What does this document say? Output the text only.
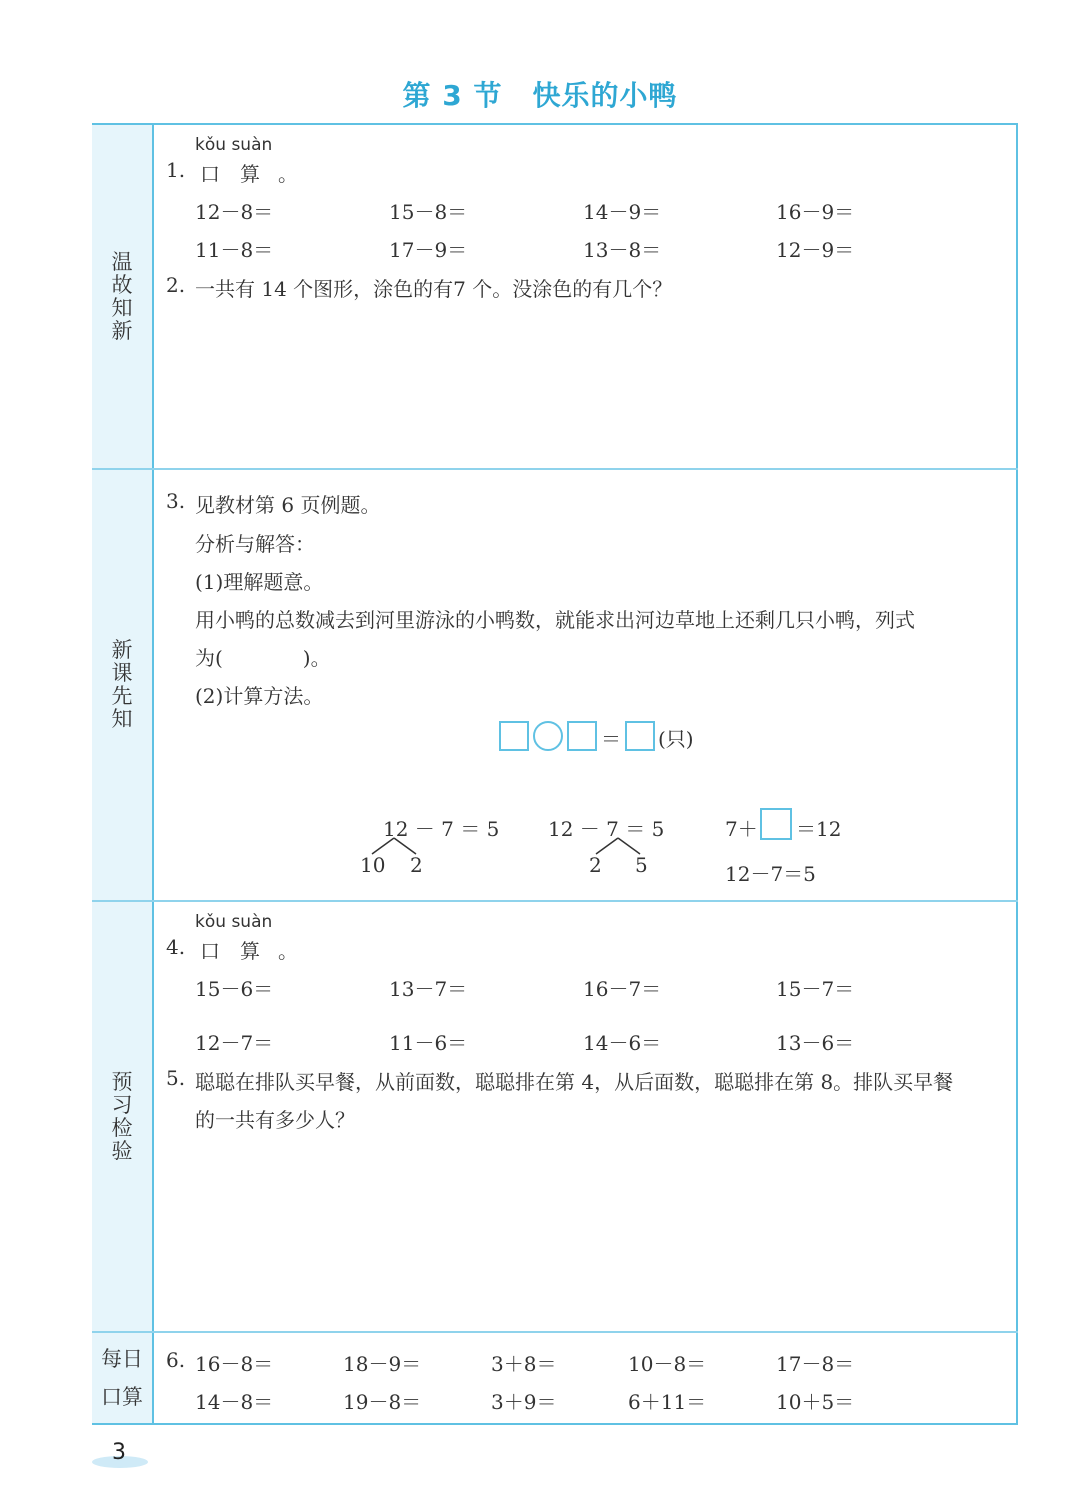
第 3 节 快乐的小鸭
温故知新
新课先知
预习检验
每日
口算
kǒu suàn
1. 口 算 。
12－8＝	15－8＝	14－9＝	16－9＝
11－8＝	17－9＝	13－8＝	12－9＝
2. 一共有 14 个图形，涂色的有7 个。没涂色的有几个？
3. 见教材第 6 页例题。
分析与解答：
(1)理解题意。
用小鸭的总数减去到河里游泳的小鸭数，就能求出河边草地上还剩几只小鸭，列式
为(　　　　)。
(2)计算方法。
＝ (只)
12 － 7 ＝ 5
10 2
12 － 7 ＝ 5
2 5
7＋ ＝12
12－7＝5
kǒu suàn
4. 口 算 。
15－6＝	13－7＝	16－7＝	15－7＝
12－7＝	11－6＝	14－6＝	13－6＝
5. 聪聪在排队买早餐，从前面数，聪聪排在第 4，从后面数，聪聪排在第 8。排队买早餐
的一共有多少人？
6. 16－8＝	18－9＝	3＋8＝	10－8＝	17－8＝
14－8＝	19－8＝	3＋9＝	6＋11＝	10＋5＝
3
